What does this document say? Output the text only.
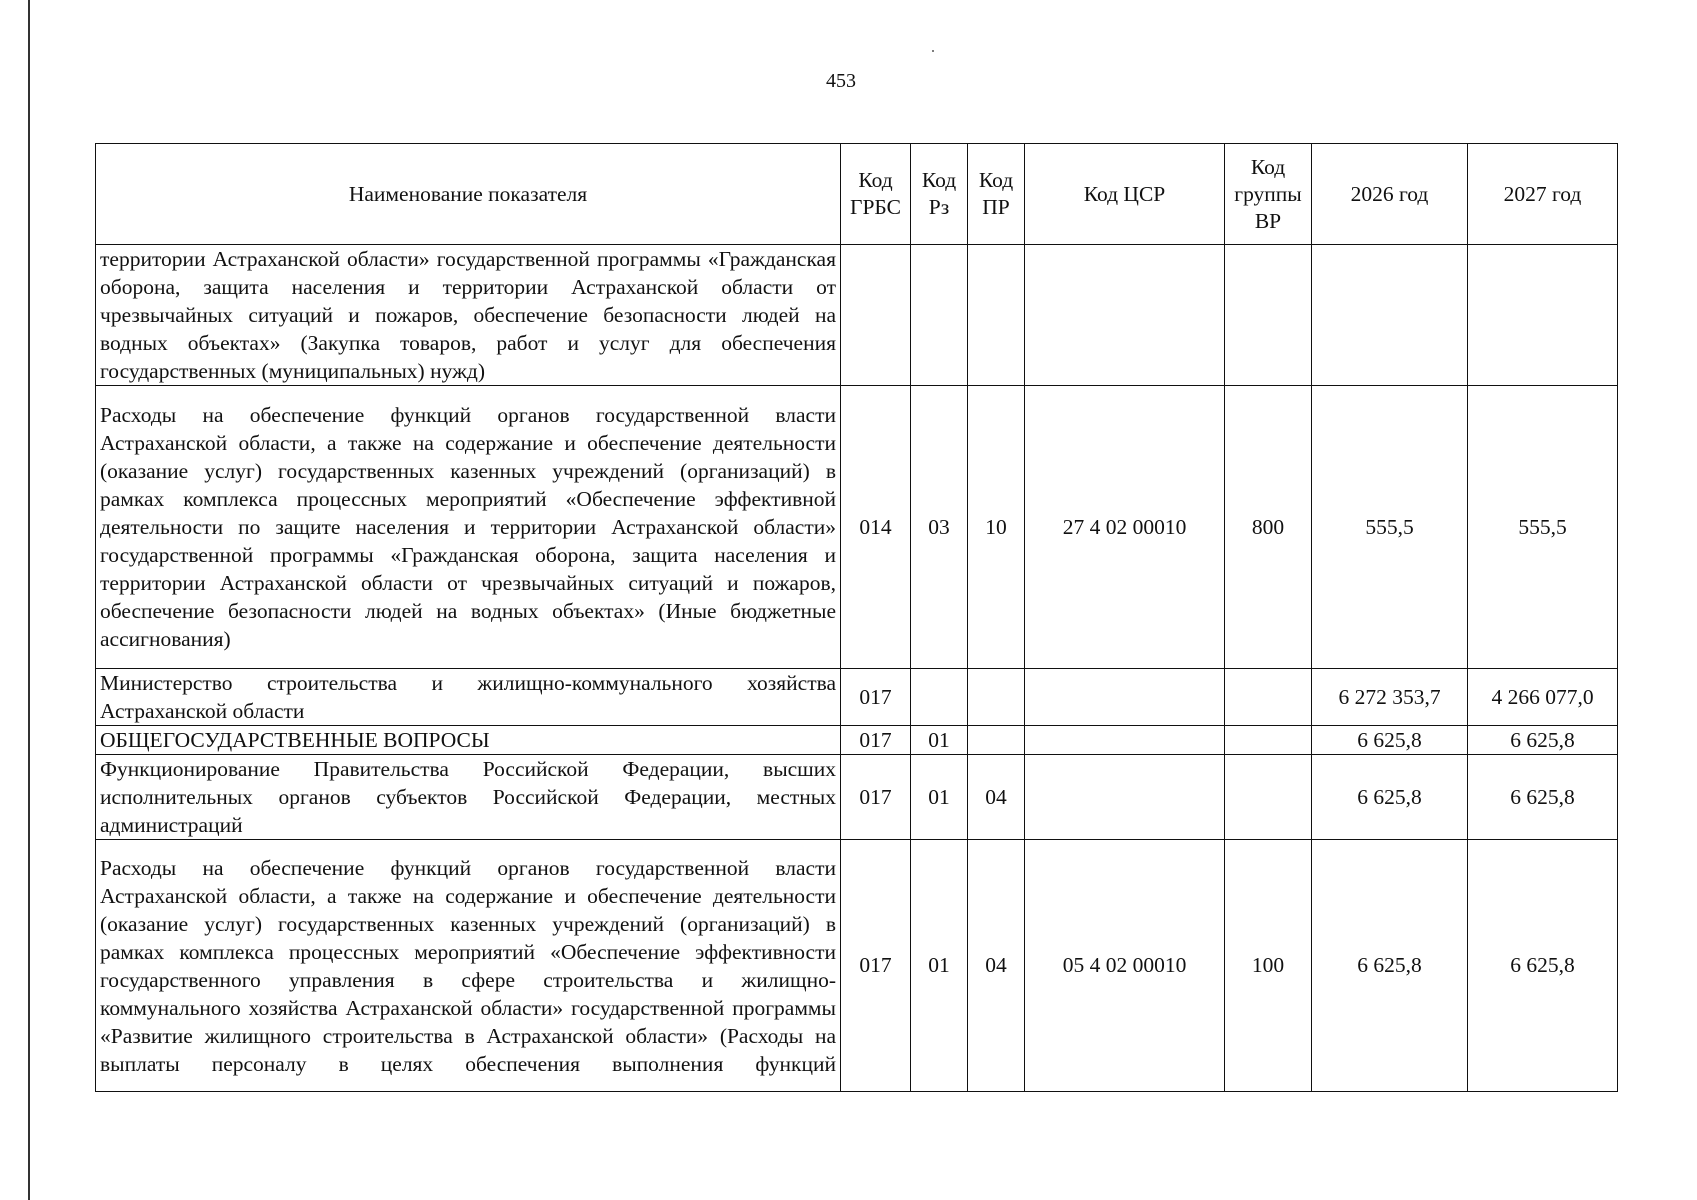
453
Наименование показателя	Код ГРБС	Код Рз	Код ПР	Код ЦСР	Код группы ВР	2026 год	2027 год
территории Астраханской области» государственной программы «Гражданская оборона, защита населения и территории Астраханской области от чрезвычайных ситуаций и пожаров, обеспечение безопасности людей на водных объектах» (Закупка товаров, работ и услуг для обеспечения государственных (муниципальных) нужд)							
Расходы на обеспечение функций органов государственной власти Астраханской области, а также на содержание и обеспечение деятельности (оказание услуг) государственных казенных учреждений (организаций) в рамках комплекса процессных мероприятий «Обеспечение эффективной деятельности по защите населения и территории Астраханской области» государственной программы «Гражданская оборона, защита населения и территории Астраханской области от чрезвычайных ситуаций и пожаров, обеспечение безопасности людей на водных объектах» (Иные бюджетные ассигнования)	014	03	10	27 4 02 00010	800	555,5	555,5
Министерство строительства и жилищно-коммунального хозяйства Астраханской области	017					6 272 353,7	4 266 077,0
ОБЩЕГОСУДАРСТВЕННЫЕ ВОПРОСЫ	017	01				6 625,8	6 625,8
Функционирование Правительства Российской Федерации, высших исполнительных органов субъектов Российской Федерации, местных администраций	017	01	04			6 625,8	6 625,8
Расходы на обеспечение функций органов государственной власти Астраханской области, а также на содержание и обеспечение деятельности (оказание услуг) государственных казенных учреждений (организаций) в рамках комплекса процессных мероприятий «Обеспечение эффективности государственного управления в сфере строительства и жилищно-коммунального хозяйства Астраханской области» государственной программы «Развитие жилищного строительства в Астраханской области» (Расходы на выплаты персоналу в целях обеспечения выполнения функций	017	01	04	05 4 02 00010	100	6 625,8	6 625,8
